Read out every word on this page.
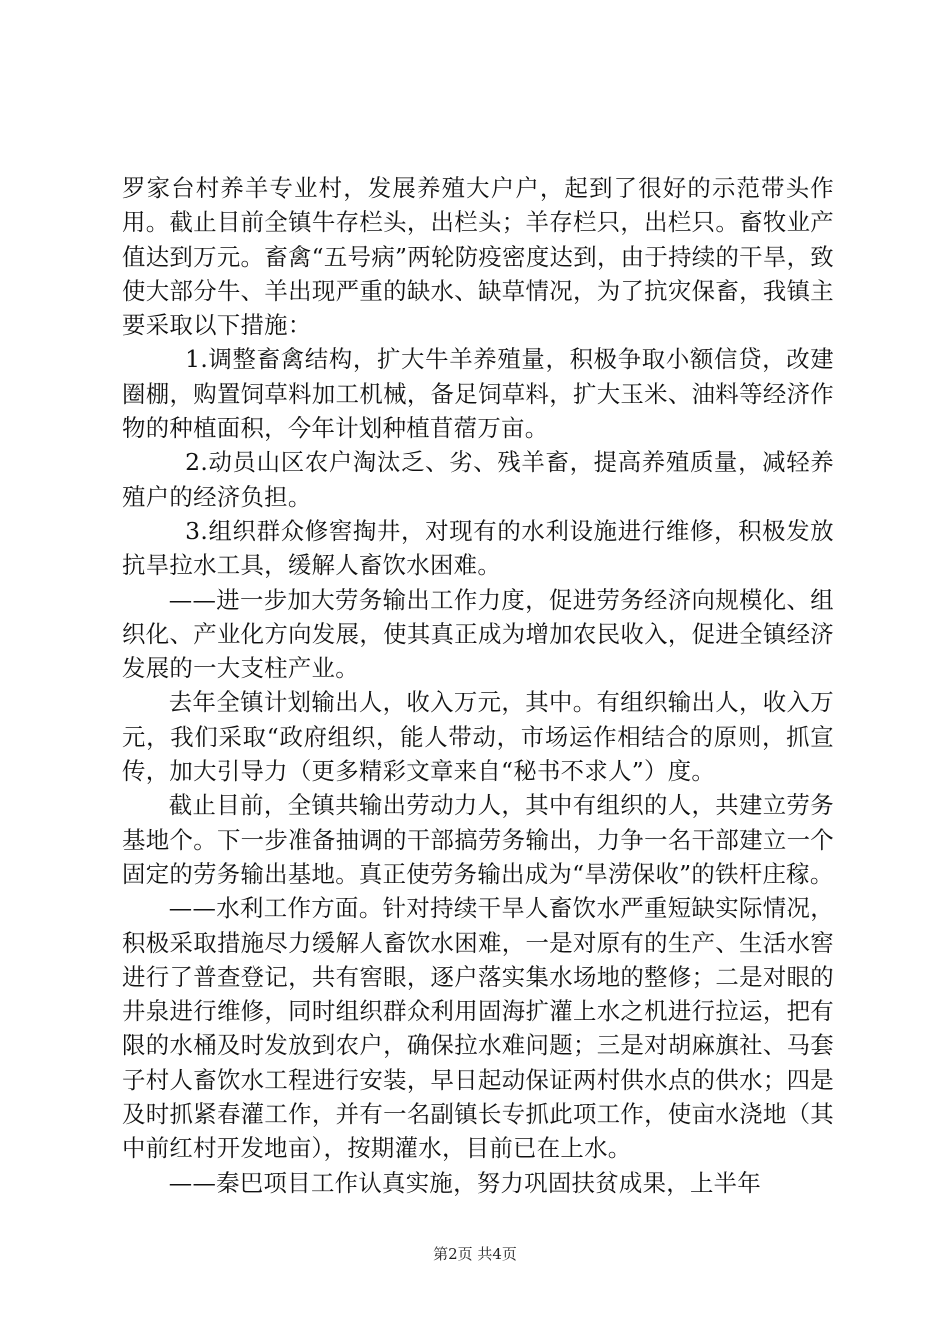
罗家台村养羊专业村，发展养殖大户户，起到了很好的示范带头作用。截止目前全镇牛存栏头，出栏头；羊存栏只，出栏只。畜牧业产值达到万元。畜禽“五号病”两轮防疫密度达到，由于持续的干旱，致使大部分牛、羊出现严重的缺水、缺草情况，为了抗灾保畜，我镇主要采取以下措施：

1.调整畜禽结构，扩大牛羊养殖量，积极争取小额信贷，改建圈棚，购置饲草料加工机械，备足饲草料，扩大玉米、油料等经济作物的种植面积，今年计划种植苜蓿万亩。

2.动员山区农户淘汰乏、劣、残羊畜，提高养殖质量，减轻养殖户的经济负担。

3.组织群众修窖掏井，对现有的水利设施进行维修，积极发放抗旱拉水工具，缓解人畜饮水困难。

——进一步加大劳务输出工作力度，促进劳务经济向规模化、组织化、产业化方向发展，使其真正成为增加农民收入，促进全镇经济发展的一大支柱产业。

去年全镇计划输出人，收入万元，其中。有组织输出人，收入万元，我们采取“政府组织，能人带动，市场运作相结合的原则，抓宣传，加大引导力（更多精彩文章来自“秘书不求人”）度。

截止目前，全镇共输出劳动力人，其中有组织的人，共建立劳务基地个。下一步准备抽调的干部搞劳务输出，力争一名干部建立一个固定的劳务输出基地。真正使劳务输出成为“旱涝保收”的铁杆庄稼。

——水利工作方面。针对持续干旱人畜饮水严重短缺实际情况，积极采取措施尽力缓解人畜饮水困难，一是对原有的生产、生活水窖进行了普查登记，共有窖眼，逐户落实集水场地的整修；二是对眼的井泉进行维修，同时组织群众利用固海扩灌上水之机进行拉运，把有限的水桶及时发放到农户，确保拉水难问题；三是对胡麻旗社、马套子村人畜饮水工程进行安装，早日起动保证两村供水点的供水；四是及时抓紧春灌工作，并有一名副镇长专抓此项工作，使亩水浇地（其中前红村开发地亩），按期灌水，目前已在上水。

——秦巴项目工作认真实施，努力巩固扶贫成果，上半年

第2页 共4页
